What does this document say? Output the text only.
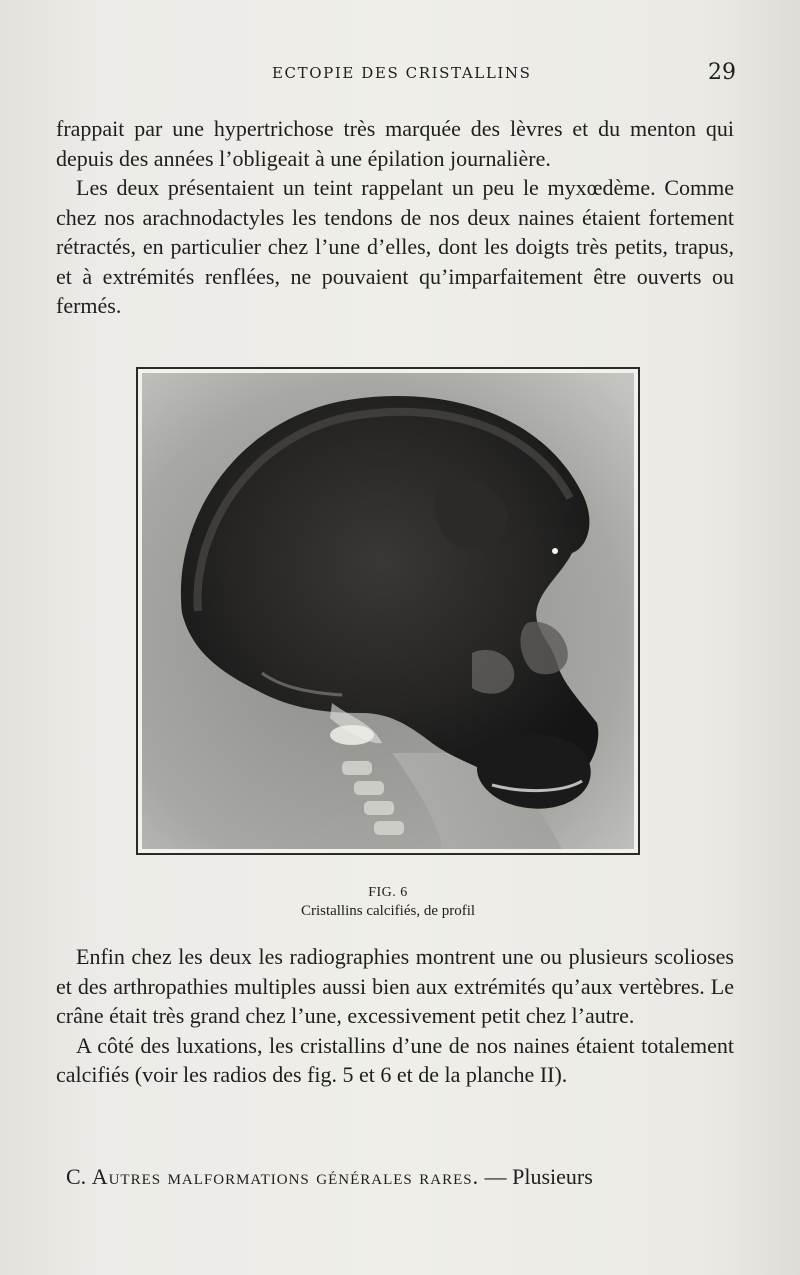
ECTOPIE DES CRISTALLINS	29

frappait par une hypertrichose très marquée des lèvres et du menton qui depuis des années l’obligeait à une épilation journalière.

Les deux présentaient un teint rappelant un peu le myxœdème. Comme chez nos arachnodactyles les tendons de nos deux naines étaient fortement rétractés, en particulier chez l’une d’elles, dont les doigts très petits, trapus, et à extrémités renflées, ne pouvaient qu’imparfaitement être ouverts ou fermés.

FIG. 6
Cristallins calcifiés, de profil

Enfin chez les deux les radiographies montrent une ou plusieurs scolioses et des arthropathies multiples aussi bien aux extrémités qu’aux vertèbres. Le crâne était très grand chez l’une, excessivement petit chez l’autre.

A côté des luxations, les cristallins d’une de nos naines étaient totalement calcifiés (voir les radios des fig. 5 et 6 et de la planche II).

C. Autres malformations générales rares. — Plusieurs
